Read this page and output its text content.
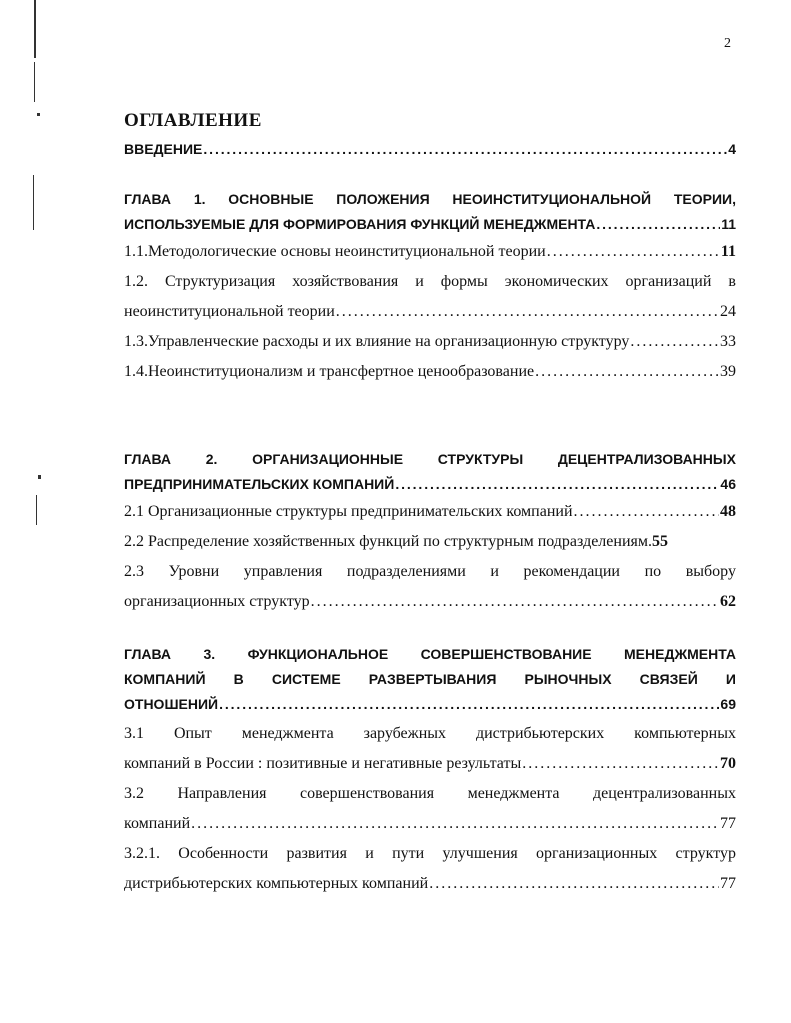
2
ОГЛАВЛЕНИЕ
ВВЕДЕНИЕ . . .	4
ГЛАВА 1. ОСНОВНЫЕ ПОЛОЖЕНИЯ НЕОИНСТИТУЦИОНАЛЬНОЙ ТЕОРИИ,
ИСПОЛЬЗУЕМЫЕ ДЛЯ ФОРМИРОВАНИЯ ФУНКЦИЙ МЕНЕДЖМЕНТА . . .	11
1.1.Методологические основы неоинституциональной теории . . .	11
1.2. Структуризация хозяйствования и формы экономических организаций в
неоинституциональной теории . . .	24
1.3.Управленческие расходы и их влияние на организационную структуру . . .	33
1.4.Неоинституционализм и трансфертное ценообразование . . .	39
ГЛАВА 2. ОРГАНИЗАЦИОННЫЕ СТРУКТУРЫ ДЕЦЕНТРАЛИЗОВАННЫХ
ПРЕДПРИНИМАТЕЛЬСКИХ КОМПАНИЙ . . .	46
2.1 Организационные структуры предпринимательских компаний . . .	48
2.2 Распределение хозяйственных функций по структурным подразделениям. 55
2.3 Уровни управления подразделениями и рекомендации по выбору
организационных структур . . .	62
ГЛАВА 3. ФУНКЦИОНАЛЬНОЕ СОВЕРШЕНСТВОВАНИЕ МЕНЕДЖМЕНТА
КОМПАНИЙ В СИСТЕМЕ РАЗВЕРТЫВАНИЯ РЫНОЧНЫХ СВЯЗЕЙ И
ОТНОШЕНИЙ . . .	69
3.1 Опыт менеджмента зарубежных дистрибьютерских компьютерных
компаний в России : позитивные и негативные результаты . . .	70
3.2 Направления совершенствования менеджмента децентрализованных
компаний . . .	77
3.2.1. Особенности развития и пути улучшения организационных структур
дистрибьютерских компьютерных компаний . . .	77
